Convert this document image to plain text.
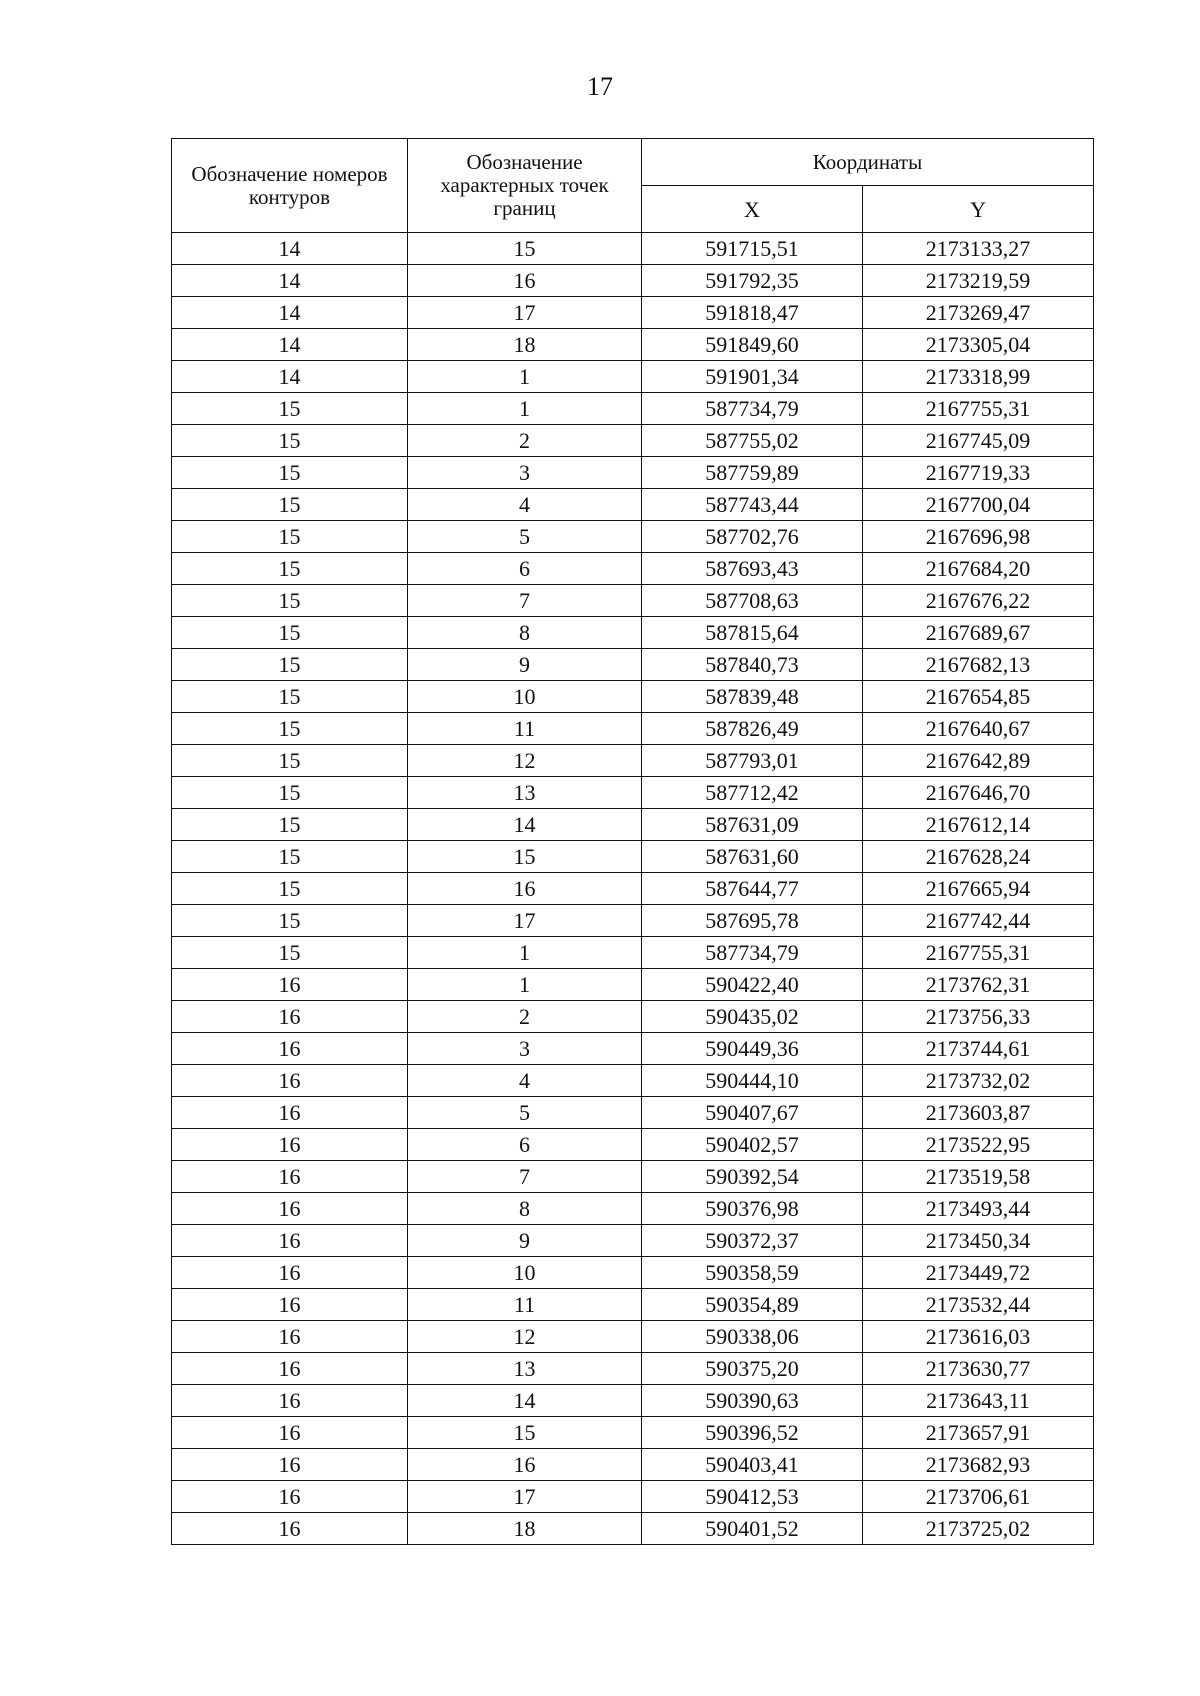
17
Обозначение номеров контуров	Обозначение характерных точек границ	Координаты	
		X	Y
14	15	591715,51	2173133,27
14	16	591792,35	2173219,59
14	17	591818,47	2173269,47
14	18	591849,60	2173305,04
14	1	591901,34	2173318,99
15	1	587734,79	2167755,31
15	2	587755,02	2167745,09
15	3	587759,89	2167719,33
15	4	587743,44	2167700,04
15	5	587702,76	2167696,98
15	6	587693,43	2167684,20
15	7	587708,63	2167676,22
15	8	587815,64	2167689,67
15	9	587840,73	2167682,13
15	10	587839,48	2167654,85
15	11	587826,49	2167640,67
15	12	587793,01	2167642,89
15	13	587712,42	2167646,70
15	14	587631,09	2167612,14
15	15	587631,60	2167628,24
15	16	587644,77	2167665,94
15	17	587695,78	2167742,44
15	1	587734,79	2167755,31
16	1	590422,40	2173762,31
16	2	590435,02	2173756,33
16	3	590449,36	2173744,61
16	4	590444,10	2173732,02
16	5	590407,67	2173603,87
16	6	590402,57	2173522,95
16	7	590392,54	2173519,58
16	8	590376,98	2173493,44
16	9	590372,37	2173450,34
16	10	590358,59	2173449,72
16	11	590354,89	2173532,44
16	12	590338,06	2173616,03
16	13	590375,20	2173630,77
16	14	590390,63	2173643,11
16	15	590396,52	2173657,91
16	16	590403,41	2173682,93
16	17	590412,53	2173706,61
16	18	590401,52	2173725,02
